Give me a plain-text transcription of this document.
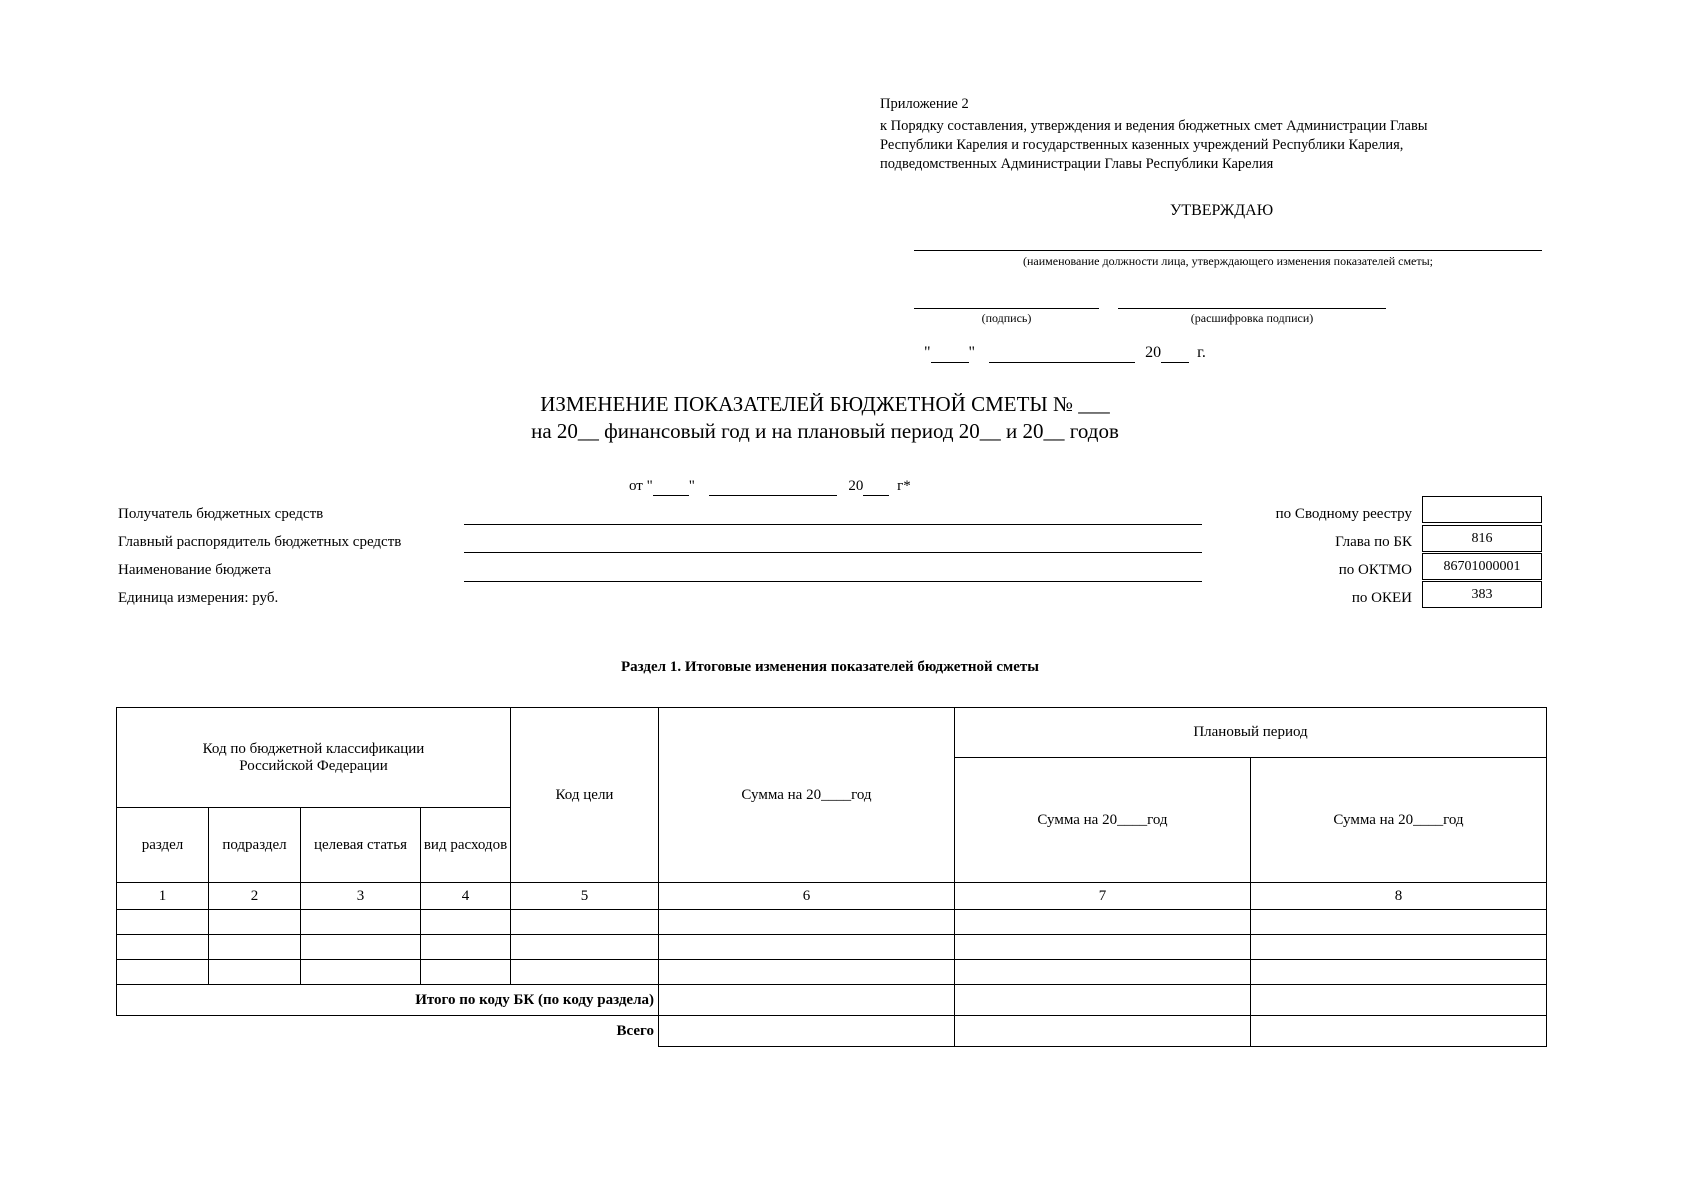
Приложение 2
к Порядку составления, утверждения и ведения бюджетных смет Администрации Главы
Республики Карелия и государственных казенных учреждений Республики Карелия,
подведомственных Администрации Главы Республики Карелия
УТВЕРЖДАЮ
(наименование должности лица, утверждающего изменения показателей сметы;
(подпись)	(расшифровка подписи)
" "	20 г.
ИЗМЕНЕНИЕ ПОКАЗАТЕЛЕЙ БЮДЖЕТНОЙ СМЕТЫ № ___
на 20__ финансовый год и на плановый период 20__ и 20__ годов
от " "	20 г*
Получатель бюджетных средств
Главный распорядитель бюджетных средств
Наименование бюджета
Единица измерения: руб.
по Сводному реестру
Глава по БК	816
по ОКТМО	86701000001
по ОКЕИ	383
Раздел 1. Итоговые изменения показателей бюджетной сметы
Код по бюджетной классификации Российской Федерации				Код цели	Сумма на 20____год	Плановый период	
						Сумма на 20____год	Сумма на 20____год
раздел	подраздел	целевая статья	вид расходов				
1	2	3	4	5	6	7	8

Итого по коду БК (по коду раздела)							
Всего							
